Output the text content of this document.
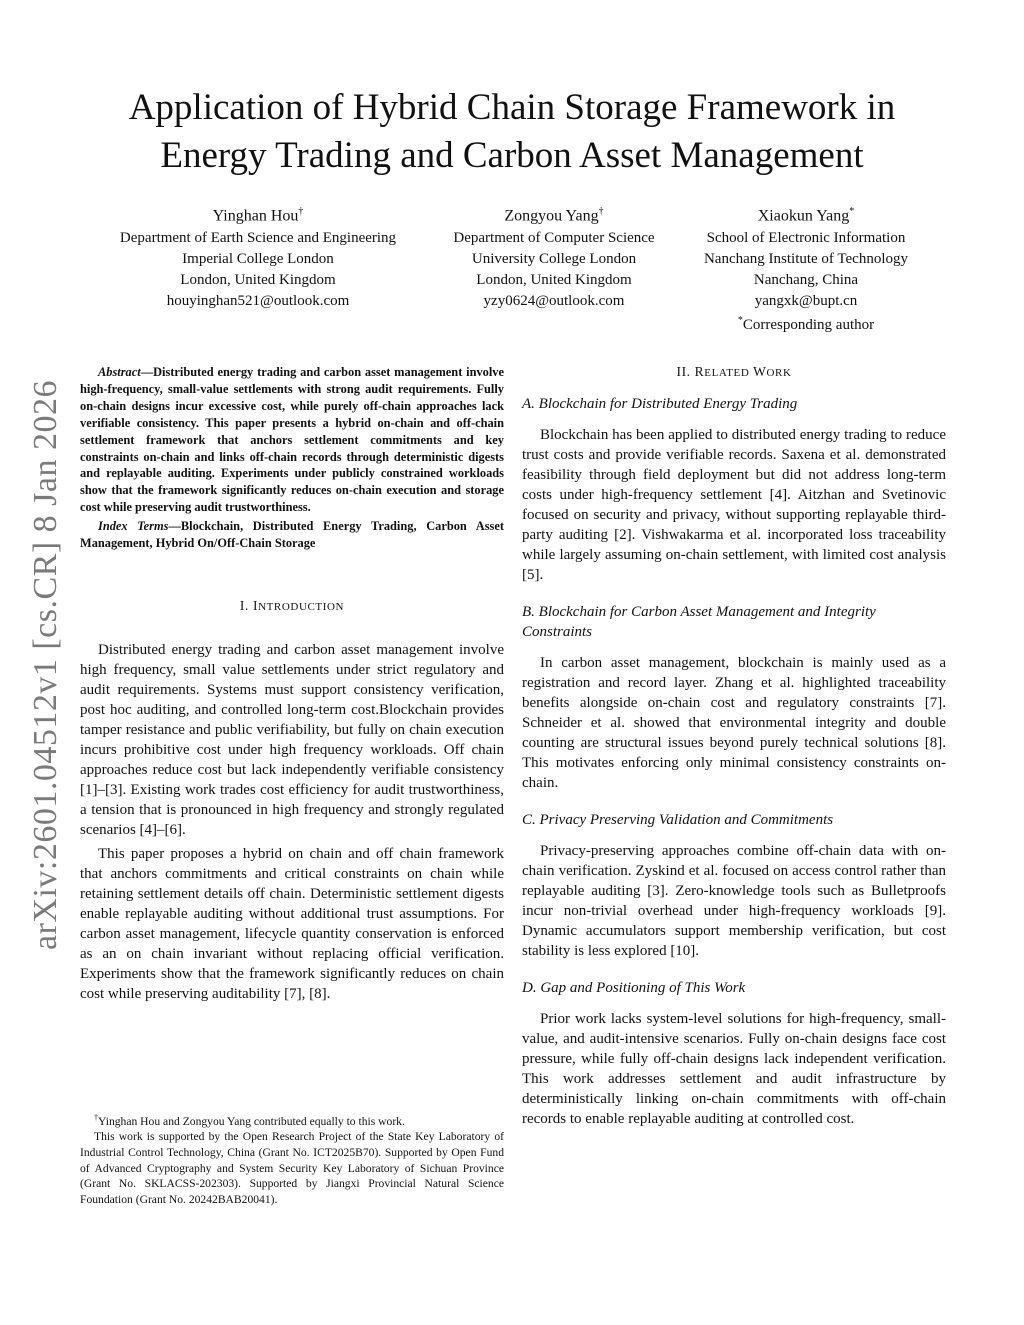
arXiv:2601.04512v1 [cs.CR] 8 Jan 2026
Application of Hybrid Chain Storage Framework in
Energy Trading and Carbon Asset Management
Yinghan Hou†
Department of Earth Science and Engineering
Imperial College London
London, United Kingdom
houyinghan521@outlook.com
Zongyou Yang†
Department of Computer Science
University College London
London, United Kingdom
yzy0624@outlook.com
Xiaokun Yang*
School of Electronic Information
Nanchang Institute of Technology
Nanchang, China
yangxk@bupt.cn
*Corresponding author

Abstract—Distributed energy trading and carbon asset management involve high-frequency, small-value settlements with strong audit requirements. Fully on-chain designs incur excessive cost, while purely off-chain approaches lack verifiable consistency. This paper presents a hybrid on-chain and off-chain settlement framework that anchors settlement commitments and key constraints on-chain and links off-chain records through deterministic digests and replayable auditing. Experiments under publicly constrained workloads show that the framework significantly reduces on-chain execution and storage cost while preserving audit trustworthiness.

Index Terms—Blockchain, Distributed Energy Trading, Carbon Asset Management, Hybrid On/Off-Chain Storage

I. INTRODUCTION

Distributed energy trading and carbon asset management involve high frequency, small value settlements under strict regulatory and audit requirements. Systems must support consistency verification, post hoc auditing, and controlled long-term cost.Blockchain provides tamper resistance and public verifiability, but fully on chain execution incurs prohibitive cost under high frequency workloads. Off chain approaches reduce cost but lack independently verifiable consistency [1]–[3]. Existing work trades cost efficiency for audit trustworthiness, a tension that is pronounced in high frequency and strongly regulated scenarios [4]–[6].

This paper proposes a hybrid on chain and off chain framework that anchors commitments and critical constraints on chain while retaining settlement details off chain. Deterministic settlement digests enable replayable auditing without additional trust assumptions. For carbon asset management, lifecycle quantity conservation is enforced as an on chain invariant without replacing official verification. Experiments show that the framework significantly reduces on chain cost while preserving auditability [7], [8].

†Yinghan Hou and Zongyou Yang contributed equally to this work.

This work is supported by the Open Research Project of the State Key Laboratory of Industrial Control Technology, China (Grant No. ICT2025B70). Supported by Open Fund of Advanced Cryptography and System Security Key Laboratory of Sichuan Province (Grant No. SKLACSS-202303). Supported by Jiangxi Provincial Natural Science Foundation (Grant No. 20242BAB20041).

II. RELATED WORK

A. Blockchain for Distributed Energy Trading

Blockchain has been applied to distributed energy trading to reduce trust costs and provide verifiable records. Saxena et al. demonstrated feasibility through field deployment but did not address long-term costs under high-frequency settlement [4]. Aitzhan and Svetinovic focused on security and privacy, without supporting replayable third-party auditing [2]. Vishwakarma et al. incorporated loss traceability while largely assuming on-chain settlement, with limited cost analysis [5].

B. Blockchain for Carbon Asset Management and Integrity Constraints

In carbon asset management, blockchain is mainly used as a registration and record layer. Zhang et al. highlighted traceability benefits alongside on-chain cost and regulatory constraints [7]. Schneider et al. showed that environmental integrity and double counting are structural issues beyond purely technical solutions [8]. This motivates enforcing only minimal consistency constraints on-chain.

C. Privacy Preserving Validation and Commitments

Privacy-preserving approaches combine off-chain data with on-chain verification. Zyskind et al. focused on access control rather than replayable auditing [3]. Zero-knowledge tools such as Bulletproofs incur non-trivial overhead under high-frequency workloads [9]. Dynamic accumulators support membership verification, but cost stability is less explored [10].

D. Gap and Positioning of This Work

Prior work lacks system-level solutions for high-frequency, small-value, and audit-intensive scenarios. Fully on-chain designs face cost pressure, while fully off-chain designs lack independent verification. This work addresses settlement and audit infrastructure by deterministically linking on-chain commitments with off-chain records to enable replayable auditing at controlled cost.
